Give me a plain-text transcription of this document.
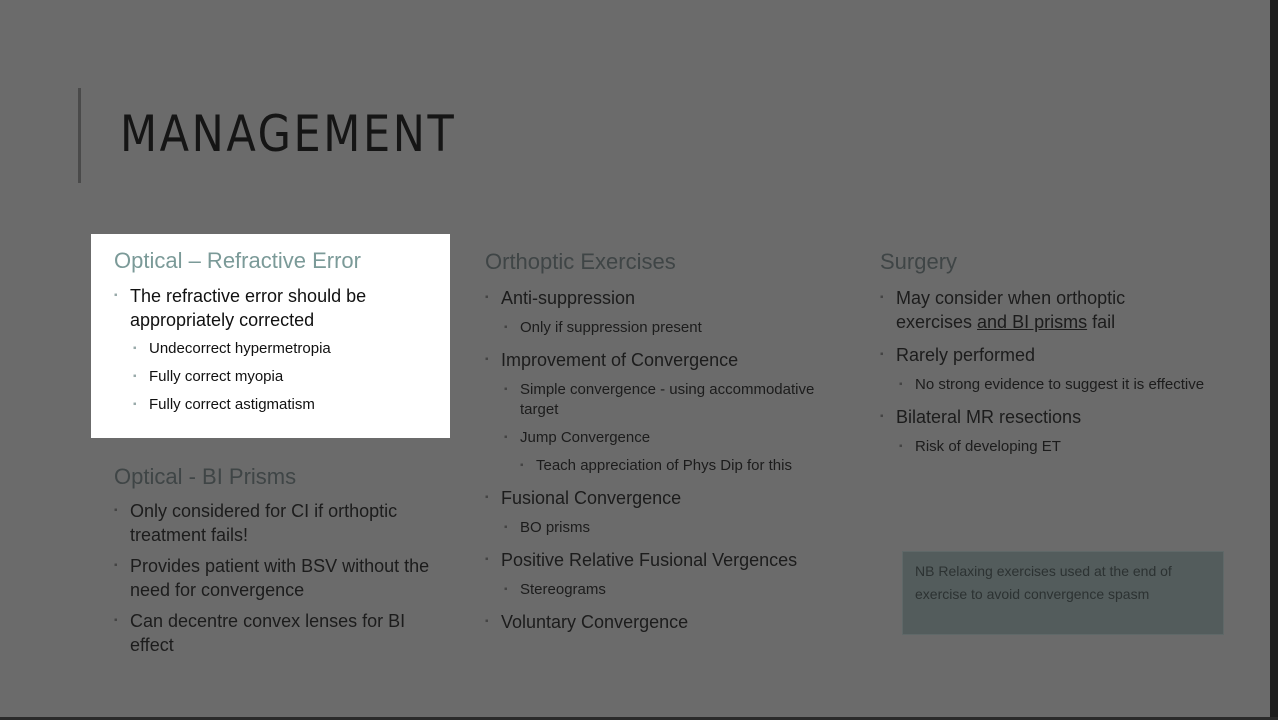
MANAGEMENT
Optical – Refractive Error
▪ The refractive error should be appropriately corrected
▪ Undecorrect hypermetropia
▪ Fully correct myopia
▪ Fully correct astigmatism
Optical - BI Prisms
▪ Only considered for CI if orthoptic treatment fails!
▪ Provides patient with BSV without the need for convergence
▪ Can decentre convex lenses for BI effect
Orthoptic Exercises
▪ Anti-suppression
▪ Only if suppression present
▪ Improvement of Convergence
▪ Simple convergence - using accommodative target
▪ Jump Convergence
▪ Teach appreciation of Phys Dip for this
▪ Fusional Convergence
▪ BO prisms
▪ Positive Relative Fusional Vergences
▪ Stereograms
▪ Voluntary Convergence
Surgery
▪ May consider when orthoptic exercises and BI prisms fail
▪ Rarely performed
▪ No strong evidence to suggest it is effective
▪ Bilateral MR resections
▪ Risk of developing ET
NB Relaxing exercises used at the end of exercise to avoid convergence spasm
